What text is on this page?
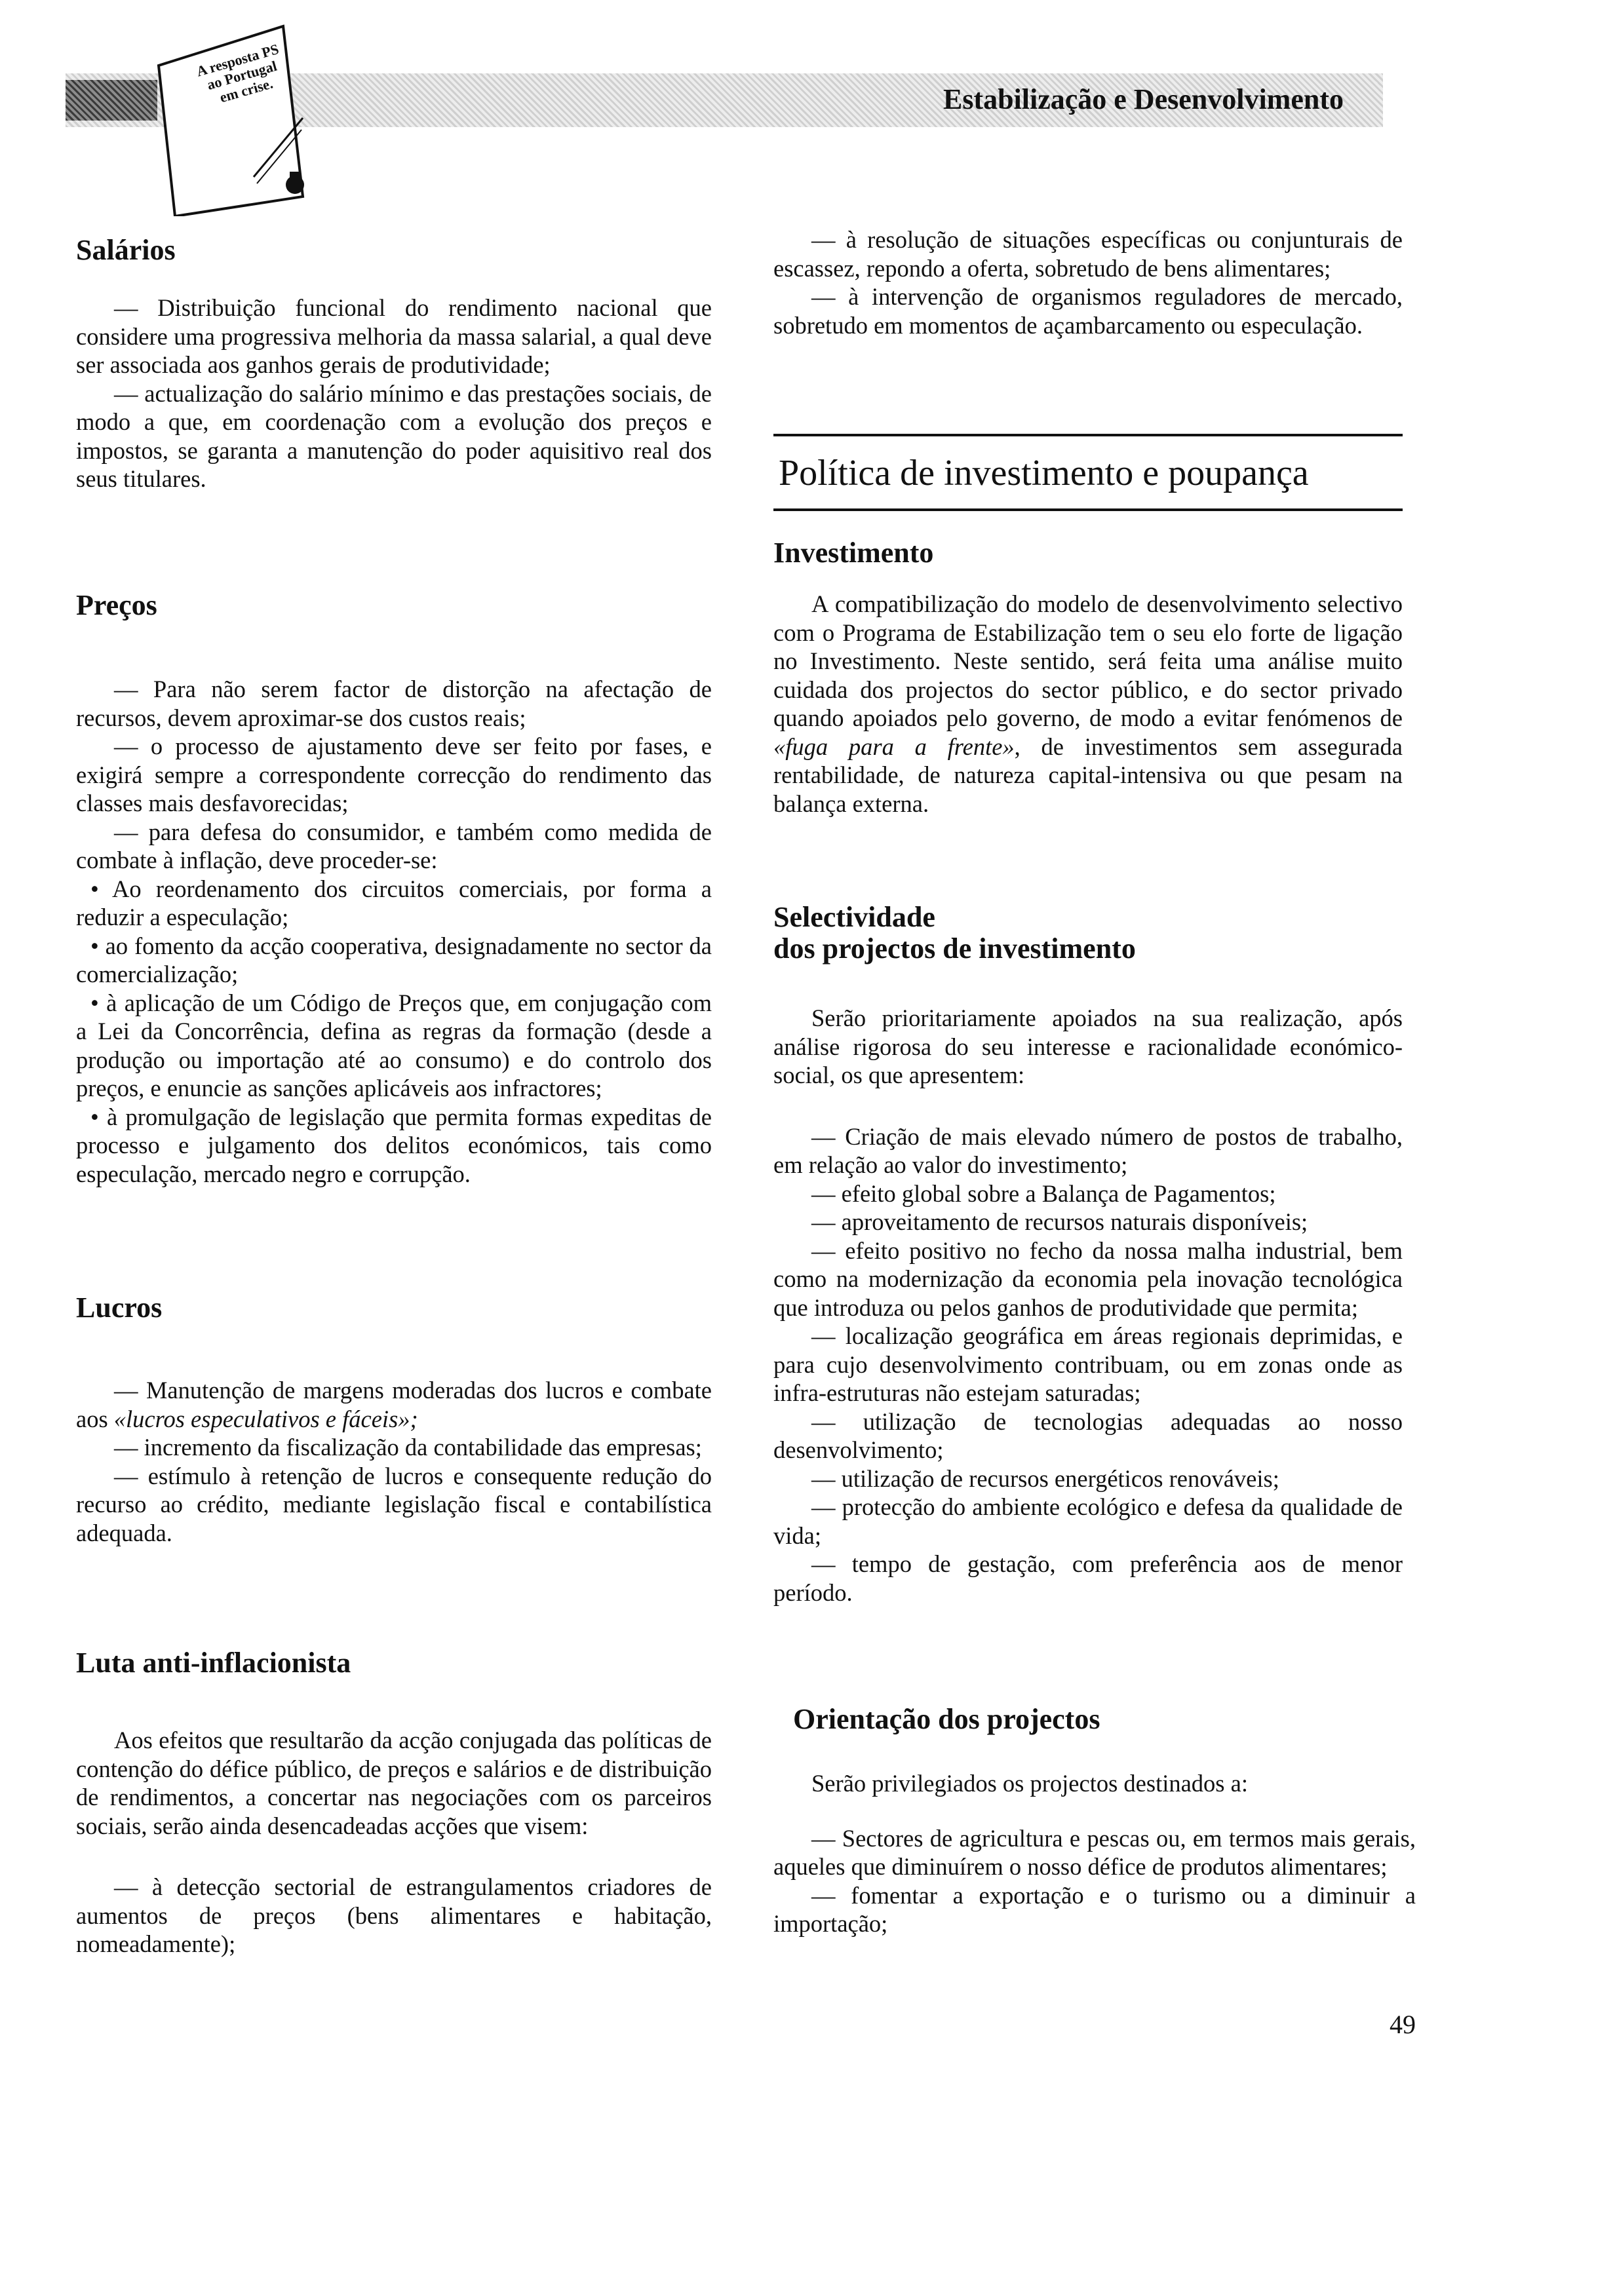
Estabilização e Desenvolvimento
A resposta PS ao Portugal em crise.
Salários

— Distribuição funcional do rendimento nacional que considere uma progressiva melhoria da massa salarial, a qual deve ser associada aos ganhos gerais de produtividade;

— actualização do salário mínimo e das prestações sociais, de modo a que, em coordenação com a evolução dos preços e impostos, se garanta a manutenção do poder aquisitivo real dos seus titulares.

Preços

— Para não serem factor de distorção na afectação de recursos, devem aproximar-se dos custos reais;

— o processo de ajustamento deve ser feito por fases, e exigirá sempre a correspondente correcção do rendimento das classes mais desfavorecidas;

— para defesa do consumidor, e também como medida de combate à inflação, deve proceder-se:

• Ao reordenamento dos circuitos comerciais, por forma a reduzir a especulação;

• ao fomento da acção cooperativa, designadamente no sector da comercialização;

• à aplicação de um Código de Preços que, em conjugação com a Lei da Concorrência, defina as regras da formação (desde a produção ou importação até ao consumo) e do controlo dos preços, e enuncie as sanções aplicáveis aos infractores;

• à promulgação de legislação que permita formas expeditas de processo e julgamento dos delitos económicos, tais como especulação, mercado negro e corrupção.

Lucros

— Manutenção de margens moderadas dos lucros e combate aos «lucros especulativos e fáceis»;

— incremento da fiscalização da contabilidade das empresas;

— estímulo à retenção de lucros e consequente redução do recurso ao crédito, mediante legislação fiscal e contabilística adequada.

Luta anti-inflacionista

Aos efeitos que resultarão da acção conjugada das políticas de contenção do défice público, de preços e salários e de distribuição de rendimentos, a concertar nas negociações com os parceiros sociais, serão ainda desencadeadas acções que visem:

— à detecção sectorial de estrangulamentos criadores de aumentos de preços (bens alimentares e habitação, nomeadamente);

— à resolução de situações específicas ou conjunturais de escassez, repondo a oferta, sobretudo de bens alimentares;

— à intervenção de organismos reguladores de mercado, sobretudo em momentos de açambarcamento ou especulação.

Política de investimento e poupança
Investimento

A compatibilização do modelo de desenvolvimento selectivo com o Programa de Estabilização tem o seu elo forte de ligação no Investimento. Neste sentido, será feita uma análise muito cuidada dos projectos do sector público, e do sector privado quando apoiados pelo governo, de modo a evitar fenómenos de «fuga para a frente», de investimentos sem assegurada rentabilidade, de natureza capital-intensiva ou que pesam na balança externa.

Selectividade
dos projectos de investimento

Serão prioritariamente apoiados na sua realização, após análise rigorosa do seu interesse e racionalidade económico-social, os que apresentem:

— Criação de mais elevado número de postos de trabalho, em relação ao valor do investimento;

— efeito global sobre a Balança de Pagamentos;

— aproveitamento de recursos naturais disponíveis;

— efeito positivo no fecho da nossa malha industrial, bem como na modernização da economia pela inovação tecnológica que introduza ou pelos ganhos de produtividade que permita;

— localização geográfica em áreas regionais deprimidas, e para cujo desenvolvimento contribuam, ou em zonas onde as infra-estruturas não estejam saturadas;

— utilização de tecnologias adequadas ao nosso desenvolvimento;

— utilização de recursos energéticos renováveis;

— protecção do ambiente ecológico e defesa da qualidade de vida;

— tempo de gestação, com preferência aos de menor período.

Orientação dos projectos

Serão privilegiados os projectos destinados a:

— Sectores de agricultura e pescas ou, em termos mais gerais, aqueles que diminuírem o nosso défice de produtos alimentares;

— fomentar a exportação e o turismo ou a diminuir a importação;

49
